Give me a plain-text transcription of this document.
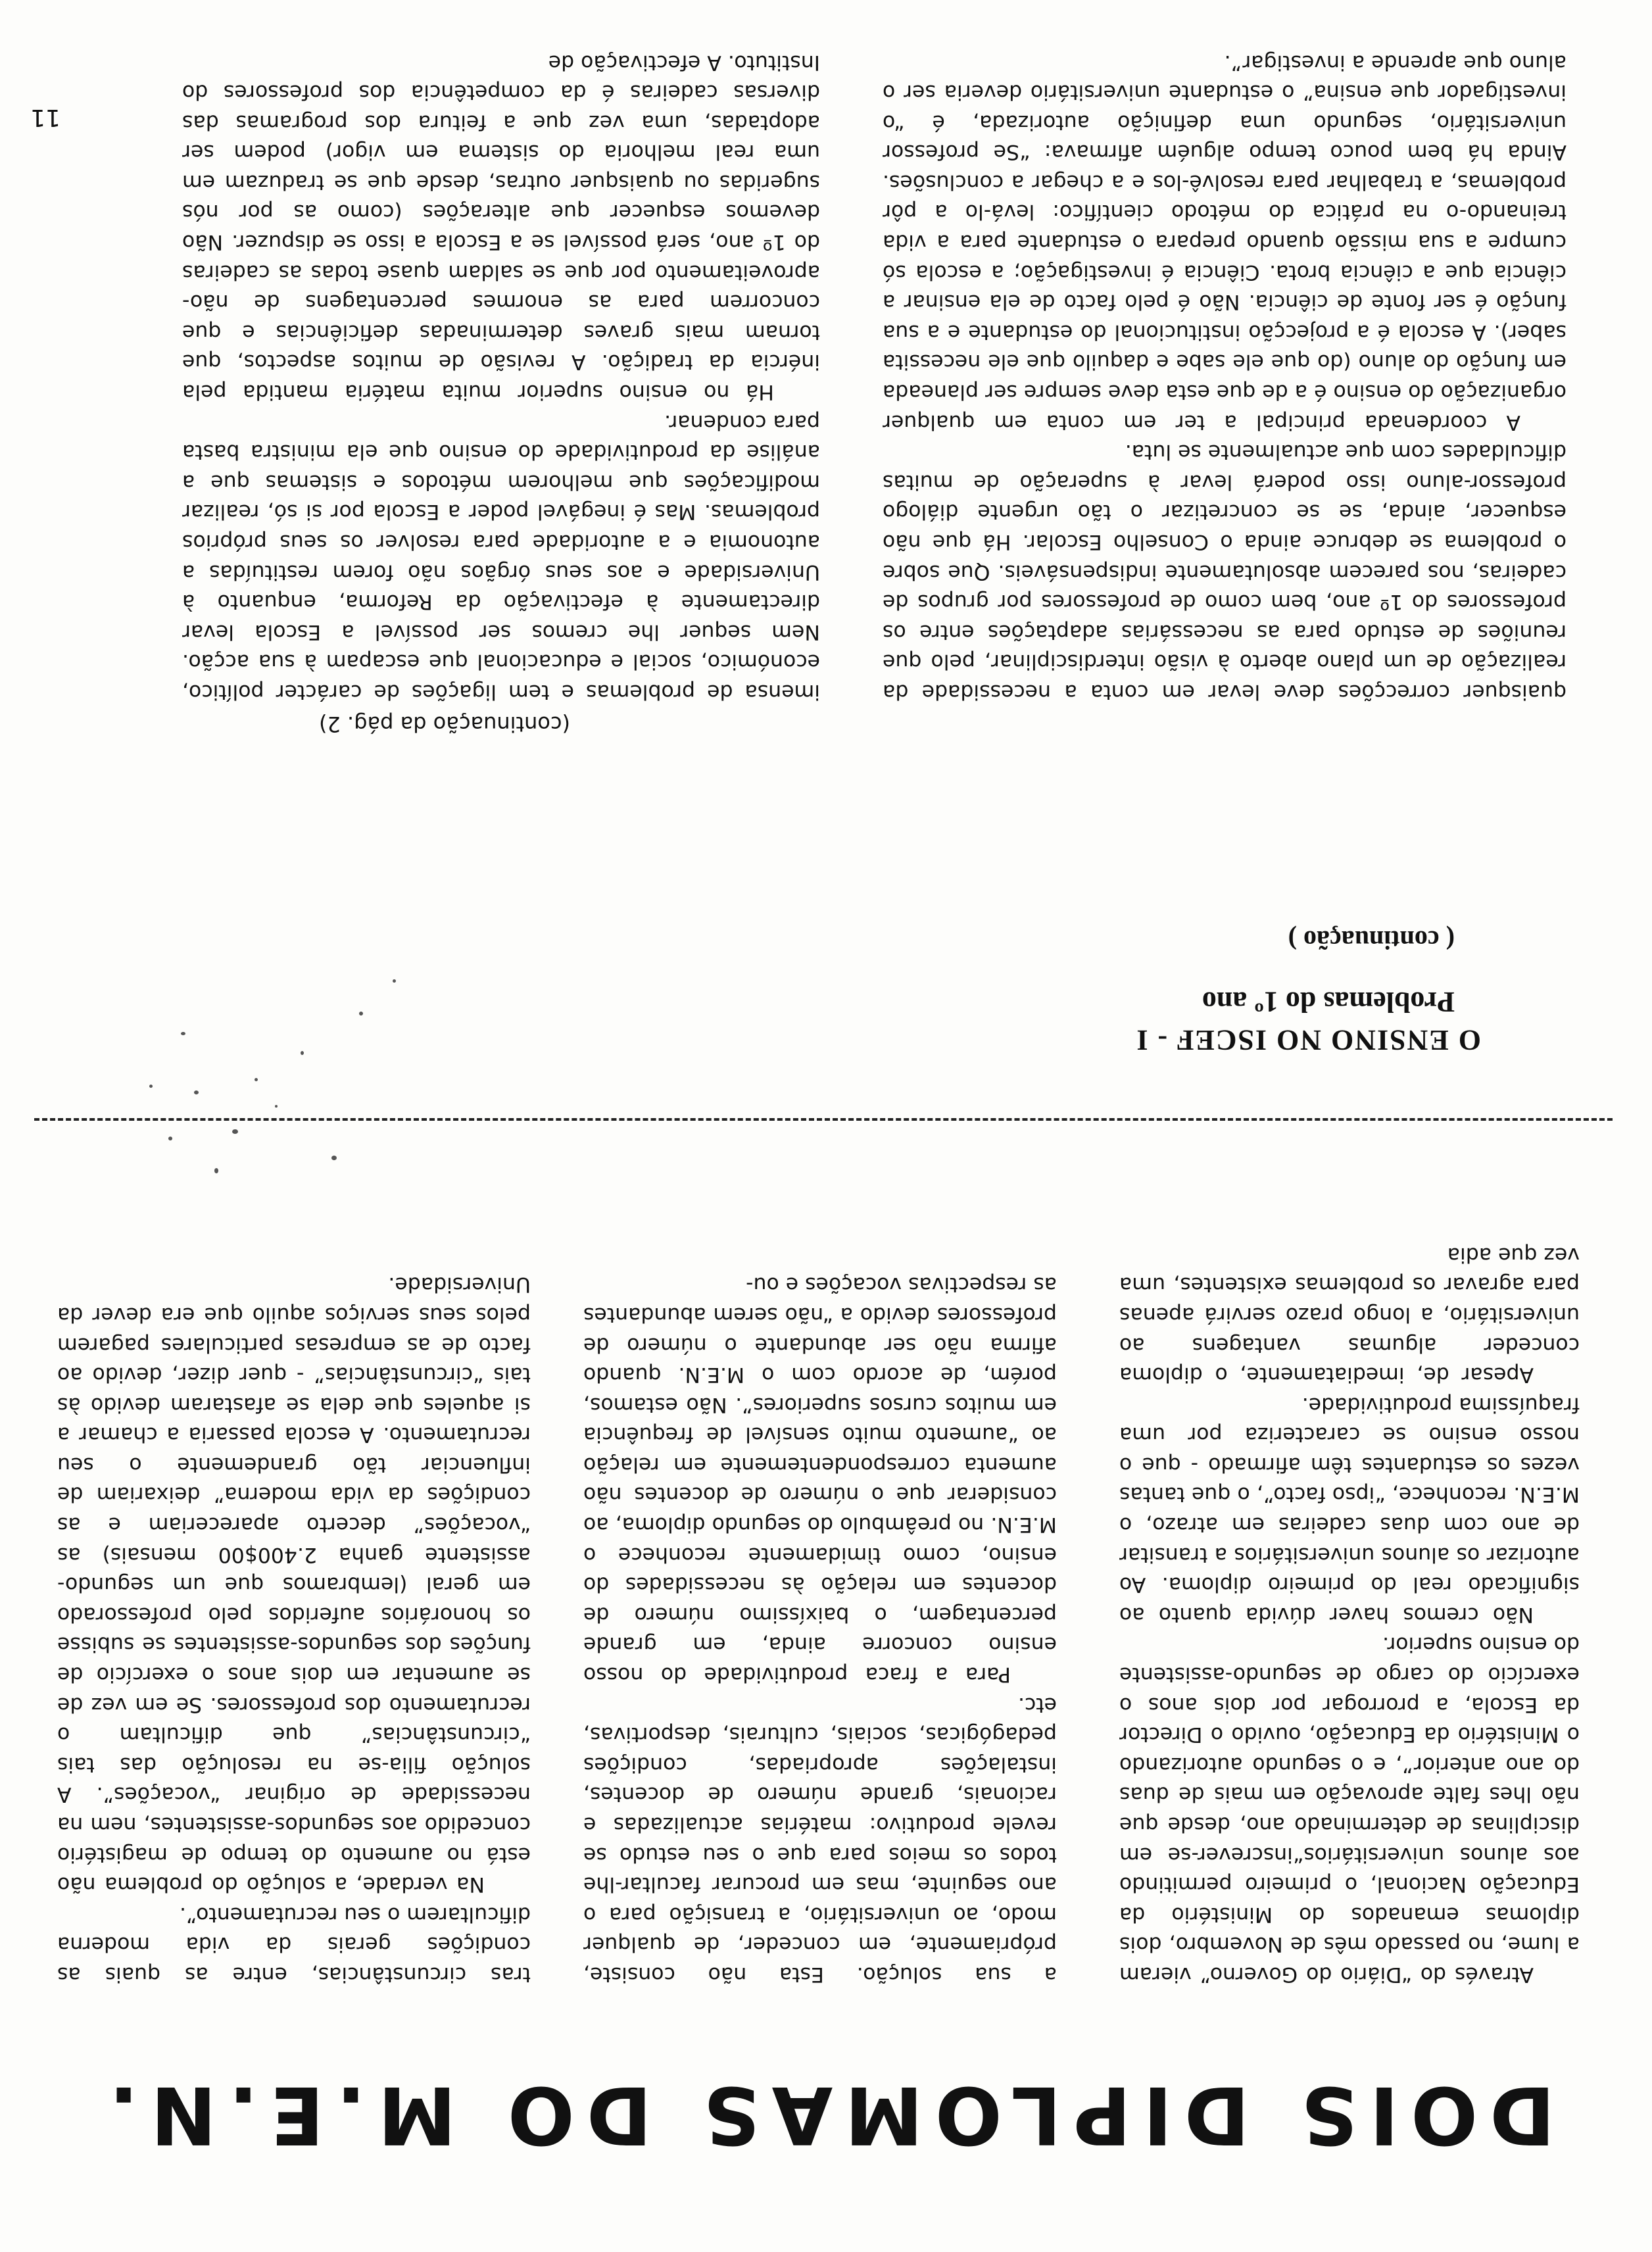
DOIS DIPLOMAS DO M.E.N.

Através do “Diário do Governo” vieram a lume, no passado mês de Novembro, dois diplomas emanados do Ministério da Educação Nacional, o primeiro permitindo aos alunos universitários“inscrever-se em disciplinas de determinado ano, desde que não lhes falte aprovação em mais de duas do ano anterior”, e o segundo autorizando o Ministério da Educação, ouvido o Director da Escola, a prorrogar por dois anos o exercício do cargo de segundo-assistente do ensino superior.

Não cremos haver dúvida quanto ao significado real do primeiro diploma. Ao autorizar os alunos universitários a transitar de ano com duas cadeiras em atrazo, o M.E.N. reconhece, “ipso facto”, o que tantas vezes os estudantes têm afirmado - que o nosso ensino se caracteriza por uma fraquíssima produtividade.

Apesar de, imediatamente, o diploma conceder algumas vantagens ao universitário, a longo prazo servirá apenas para agravar os problemas existentes, uma vez que adia

a sua solução. Esta não consiste, própriamente, em conceder, de qualquer modo, ao universitário, a transição para o ano seguinte, mas em procurar facultar-lhe todos os meios para que o seu estudo se revele produtivo: matérias actualizadas e racionais, grande número de docentes, instalações apropriadas, condições pedagógicas, sociais, culturais, desportivas, etc.

Para a fraca produtividade do nosso ensino concorre ainda, em grande percentagem, o baixíssimo número de docentes em relação às necessidades do ensino, como tìmidamente reconhece o M.E.N. no preâmbulo do segundo diploma, ao considerar que o número de docentes não aumenta correspondentemente em relação ao “aumento muito sensível de frequência em muitos cursos superiores”. Não estamos, porém, de acordo com o M.E.N. quando afirma não ser abundante o número de professores devido a “não serem abundantes as respectivas vocações e ou-

tras circunstâncias, entre as quais as condições gerais da vida moderna dificultarem o seu recrutamento”.

Na verdade, a solução do problema não está no aumento do tempo de magistério concedido aos segundos-assistentes, nem na necessidade de originar “vocações”. A solução filia-se na resolução das tais “circunstâncias” que dificultam o recrutamento dos professores. Se em vez de se aumentar em dois anos o exercício de funções dos segundos-assistentes se subisse os honorários auferidos pelo professorado em geral (lembramos que um segundo-assistente ganha 2.400$00 mensais) as “vocações” decerto apareceriam e as condições da vida moderna” deixariam de influenciar tão grandemente o seu recrutamento. A escola passaria a chamar a si aqueles que dela se afastaram devido às tais “circunstâncias” - quer dizer, devido ao facto de as empresas particulares pagarem pelos seus serviços aquilo que era dever da Universidade.

O ENSINO NO ISCEF - I
Problemas do 1º ano
( continuação )
(continuação da pág. 2)

imensa de problemas e tem ligações de carácter político, económico, social e educacional que escapam à sua acção. Nem sequer lhe cremos ser possível a Escola levar directamente à efectivação da Reforma, enquanto à Universidade e aos seus órgãos não forem restituídas a autonomia e a autoridade para resolver os seus próprios problemas. Mas é inegável poder a Escola por si só, realizar modificações que melhorem métodos e sistemas que a análise da produtividade do ensino que ela ministra basta para condenar.

Há no ensino superior muita matéria mantida pela inércia da tradição. A revisão de muitos aspectos, que tornam mais graves determinadas deficiências e que concorrem para as enormes percentagens de não-aproveitamento por que se saldam quase todas as cadeiras do 1º ano, será possível se a Escola a isso se dispuzer. Não devemos esquecer que alterações (como as por nós sugeridas ou quaisquer outras, desde que se traduzam em uma real melhoria do sistema em vigor) podem ser adoptadas, uma vez que a feitura dos programas das diversas cadeiras é da competência dos professores do Instituto. A efectivação de

quaisquer correcções deve levar em conta a necessidade da realização de um plano aberto à visão interdisciplinar, pelo que reuniões de estudo para as necessárias adaptações entre os professores do 1º ano, bem como de professores por grupos de cadeiras, nos parecem absolutamente indispensáveis. Que sobre o problema se debruce ainda o Conselho Escolar. Há que não esquecer, ainda, se se concretizar o tão urgente diálogo professor-aluno isso poderá levar à superação de muitas dificuldades com que actualmente se luta.

A coordenada principal a ter em conta em qualquer organização do ensino é a de que esta deve sempre ser planeada em função do aluno (do que ele sabe e daquilo que ele necessita saber). A escola é a projecção institucional do estudante e a sua função é ser fonte de ciência. Não é pelo facto de ela ensinar a ciência que a ciência brota. Ciência é investigação; a escola só cumpre a sua missão quando prepara o estudante para a vida treinando-o na prática do método científico: levá-lo a pôr problemas, a trabalhar para resolvê-los e a chegar a conclusões. Ainda há bem pouco tempo alguém afirmava: “Se professor universitário, segundo uma definição autorizada, é “o investigador que ensina” o estudante universitário deveria ser o aluno que aprende a investigar”.

11
